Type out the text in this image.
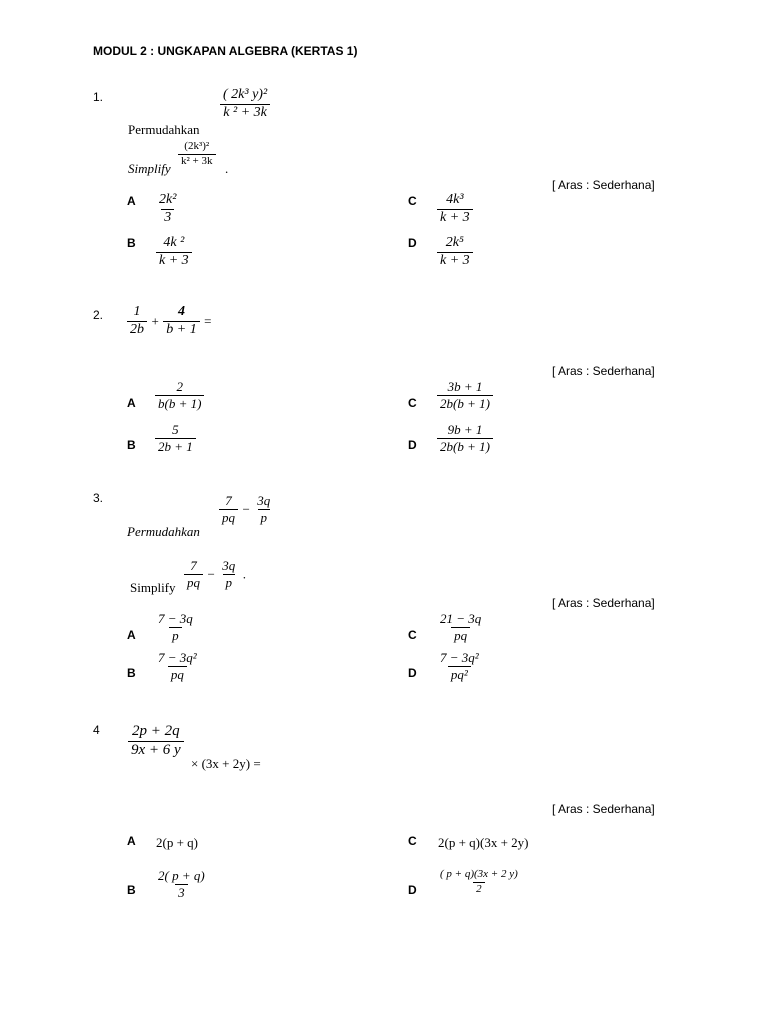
MODUL 2 : UNGKAPAN ALGEBRA (KERTAS 1)
1.	$\frac{\text{( 2k³ y)²}}{\text{k ² + 3k}}$
Permudahkan
$\frac{\text{(2k³)²}}{\text{k² + 3k}}$
Simplify	.
[ Aras : Sederhana]
A $\frac{\text{2k²}}{3}$	C $\frac{\text{4k³}}{k + 3}$
B $\frac{\text{4k ²}}{k + 3}$	D $\frac{\text{2k⁵}}{k + 3}$
2. $\frac{1}{2b} + \frac{4}{b + 1}$ =
[ Aras : Sederhana]
A $\frac{2}{b(b + 1)}$	C $\frac{3b + 1}{2b(b + 1)}$
B $\frac{5}{2b + 1}$	D $\frac{9b + 1}{2b(b + 1)}$
3.	$\frac{7}{pq} - \frac{3q}{p}$
Permudahkan
Simplify $\frac{7}{pq} - \frac{3q}{p}$ .
[ Aras : Sederhana]
A $\frac{7 - 3q}{p}$	C $\frac{21 - 3q}{pq}$
B $\frac{\text{7 − 3q²}}{pq}$	D $\frac{\text{7 − 3q²}}{\text{pq²}}$
$4 \frac{2p + 2q}{9x + 6 y}$
× (3x + 2y) =
[ Aras : Sederhana]
A 2(p + q)	C 2(p + q)(3x + 2y)
B $\frac{2( p + q)}{3}$	D $\frac{( p + q)(3x + 2 y)}{2}$
